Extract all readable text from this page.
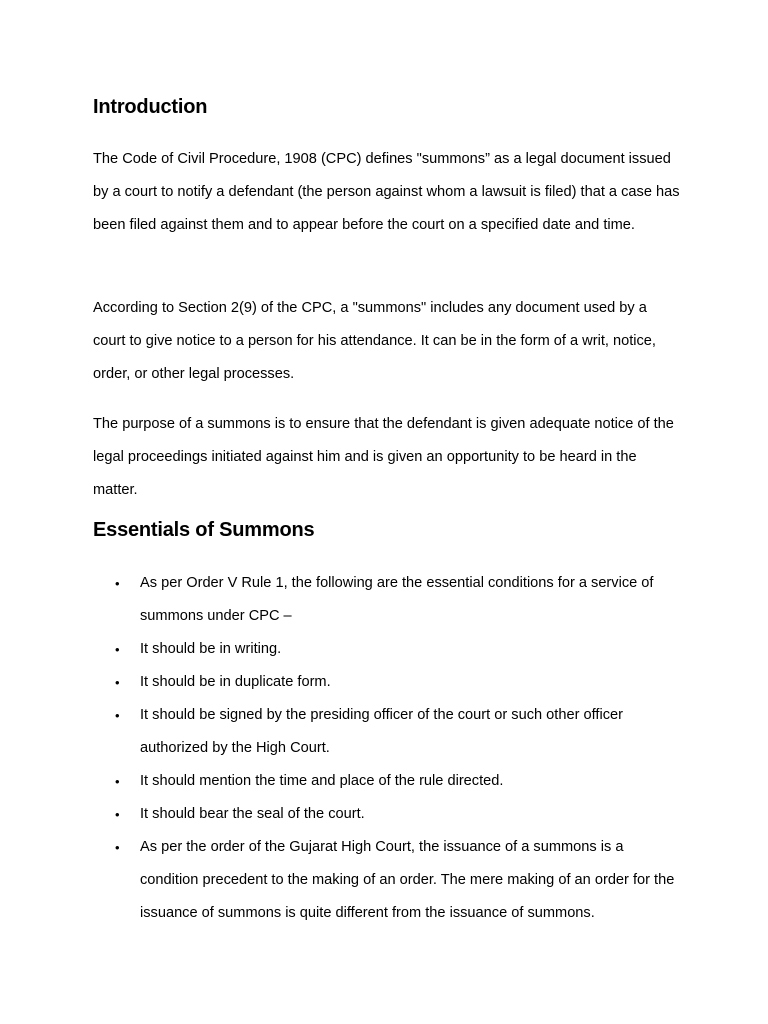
Introduction

The Code of Civil Procedure, 1908 (CPC) defines "summons” as a legal document issued by a court to notify a defendant (the person against whom a lawsuit is filed) that a case has been filed against them and to appear before the court on a specified date and time.

According to Section 2(9) of the CPC, a "summons" includes any document used by a court to give notice to a person for his attendance. It can be in the form of a writ, notice, order, or other legal processes.

The purpose of a summons is to ensure that the defendant is given adequate notice of the legal proceedings initiated against him and is given an opportunity to be heard in the matter.

Essentials of Summons
• As per Order V Rule 1, the following are the essential conditions for a service of summons under CPC –
• It should be in writing.
• It should be in duplicate form.
• It should be signed by the presiding officer of the court or such other officer authorized by the High Court.
• It should mention the time and place of the rule directed.
• It should bear the seal of the court.
• As per the order of the Gujarat High Court, the issuance of a summons is a condition precedent to the making of an order. The mere making of an order for the issuance of summons is quite different from the issuance of summons.
